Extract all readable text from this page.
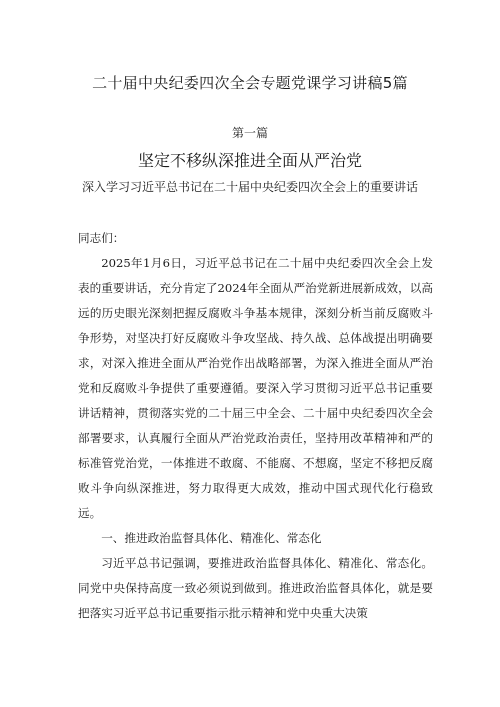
二十届中央纪委四次全会专题党课学习讲稿5篇
第一篇
坚定不移纵深推进全面从严治党
深入学习习近平总书记在二十届中央纪委四次全会上的重要讲话

同志们：

2025年1月6日，习近平总书记在二十届中央纪委四次全会上发表的重要讲话，充分肯定了2024年全面从严治党新进展新成效，以高远的历史眼光深刻把握反腐败斗争基本规律，深刻分析当前反腐败斗争形势，对坚决打好反腐败斗争攻坚战、持久战、总体战提出明确要求，对深入推进全面从严治党作出战略部署，为深入推进全面从严治党和反腐败斗争提供了重要遵循。要深入学习贯彻习近平总书记重要讲话精神，贯彻落实党的二十届三中全会、二十届中央纪委四次全会部署要求，认真履行全面从严治党政治责任，坚持用改革精神和严的标准管党治党，一体推进不敢腐、不能腐、不想腐，坚定不移把反腐败斗争向纵深推进，努力取得更大成效，推动中国式现代化行稳致远。

一、推进政治监督具体化、精准化、常态化

习近平总书记强调，要推进政治监督具体化、精准化、常态化。同党中央保持高度一致必须说到做到。推进政治监督具体化，就是要把落实习近平总书记重要指示批示精神和党中央重大决策
